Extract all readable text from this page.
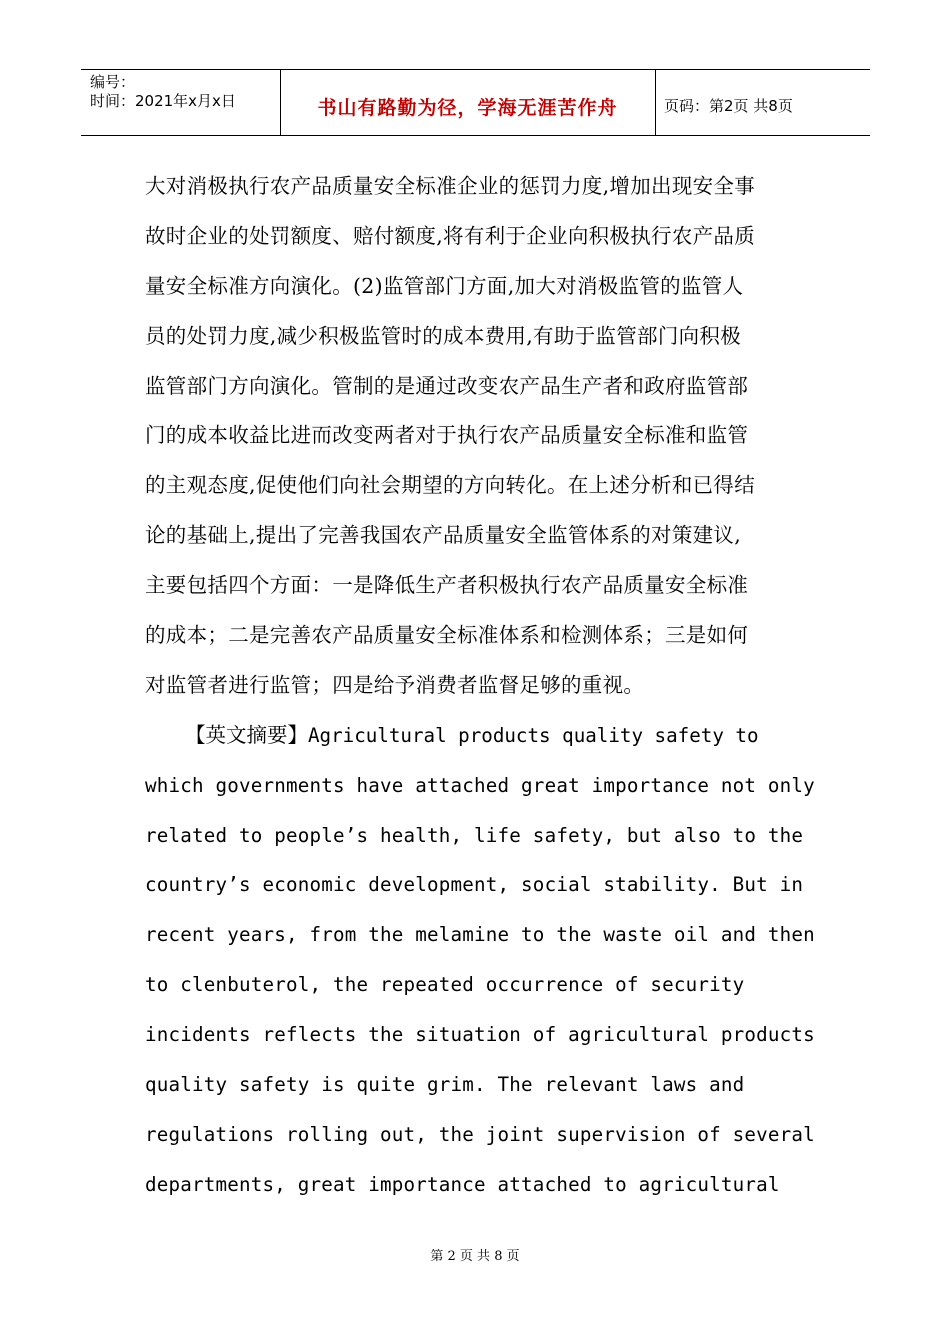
编号：
时间：2021年x月x日	书山有路勤为径，学海无涯苦作舟	页码：第2页 共8页
大对消极执行农产品质量安全标准企业的惩罚力度,增加出现安全事
故时企业的处罚额度、赔付额度,将有利于企业向积极执行农产品质
量安全标准方向演化。(2)监管部门方面,加大对消极监管的监管人
员的处罚力度,减少积极监管时的成本费用,有助于监管部门向积极
监管部门方向演化。管制的是通过改变农产品生产者和政府监管部
门的成本收益比进而改变两者对于执行农产品质量安全标准和监管
的主观态度,促使他们向社会期望的方向转化。在上述分析和已得结
论的基础上,提出了完善我国农产品质量安全监管体系的对策建议,
主要包括四个方面：一是降低生产者积极执行农产品质量安全标准
的成本；二是完善农产品质量安全标准体系和检测体系；三是如何
对监管者进行监管；四是给予消费者监督足够的重视。
【英文摘要】Agricultural products quality safety to
which governments have attached great importance not only
related to people’s health, life safety, but also to the
country’s economic development, social stability. But in
recent years, from the melamine to the waste oil and then
to clenbuterol, the repeated occurrence of security
incidents reflects the situation of agricultural products
quality safety is quite grim. The relevant laws and
regulations rolling out, the joint supervision of several
departments, great importance attached to agricultural
第 2 页 共 8 页
